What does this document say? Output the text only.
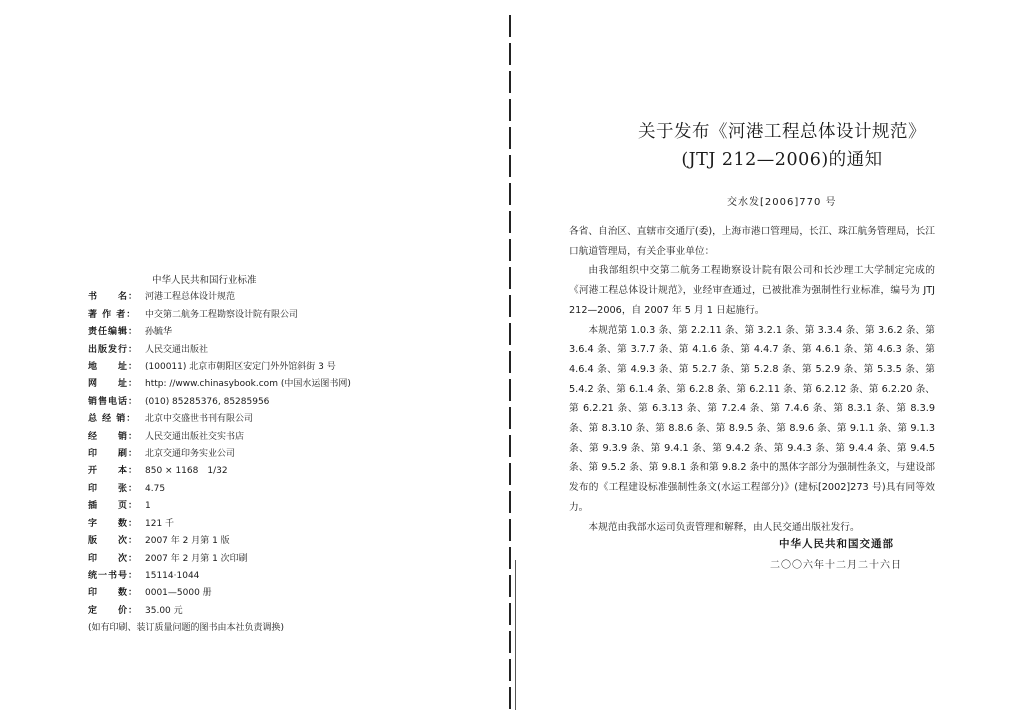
中华人民共和国行业标准
书　　名： 河港工程总体设计规范
著 作 者： 中交第二航务工程勘察设计院有限公司
责任编辑： 孙毓华
出版发行： 人民交通出版社
地　　址： (100011) 北京市朝阳区安定门外外馆斜街 3 号
网　　址： http: //www.chinasybook.com (中国水运图书网)
销售电话： (010) 85285376, 85285956
总 经 销： 北京中交盛世书刊有限公司
经　　销： 人民交通出版社交实书店
印　　刷： 北京交通印务实业公司
开　　本： 850 × 1168　1/32
印　　张： 4.75
插　　页： 1
字　　数： 121 千
版　　次： 2007 年 2 月第 1 版
印　　次： 2007 年 2 月第 1 次印刷
统一书号： 15114·1044
印　　数： 0001—5000 册
定　　价： 35.00 元
(如有印刷、装订质量问题的图书由本社负责调换)
关于发布《河港工程总体设计规范》
(JTJ 212—2006)的通知
交水发[2006]770 号

各省、自治区、直辖市交通厅(委)，上海市港口管理局，长江、珠江航务管理局，长江口航道管理局，有关企事业单位：

由我部组织中交第二航务工程勘察设计院有限公司和长沙理工大学制定完成的《河港工程总体设计规范》，业经审查通过，已被批准为强制性行业标准，编号为 JTJ 212—2006，自 2007 年 5 月 1 日起施行。

本规范第 1.0.3 条、第 2.2.11 条、第 3.2.1 条、第 3.3.4 条、第 3.6.2 条、第 3.6.4 条、第 3.7.7 条、第 4.1.6 条、第 4.4.7 条、第 4.6.1 条、第 4.6.3 条、第 4.6.4 条、第 4.9.3 条、第 5.2.7 条、第 5.2.8 条、第 5.2.9 条、第 5.3.5 条、第 5.4.2 条、第 6.1.4 条、第 6.2.8 条、第 6.2.11 条、第 6.2.12 条、第 6.2.20 条、第 6.2.21 条、第 6.3.13 条、第 7.2.4 条、第 7.4.6 条、第 8.3.1 条、第 8.3.9 条、第 8.3.10 条、第 8.8.6 条、第 8.9.5 条、第 8.9.6 条、第 9.1.1 条、第 9.1.3 条、第 9.3.9 条、第 9.4.1 条、第 9.4.2 条、第 9.4.3 条、第 9.4.4 条、第 9.4.5 条、第 9.5.2 条、第 9.8.1 条和第 9.8.2 条中的黑体字部分为强制性条文，与建设部发布的《工程建设标准强制性条文(水运工程部分)》(建标[2002]273 号)具有同等效力。

本规范由我部水运司负责管理和解释，由人民交通出版社发行。

中华人民共和国交通部
二〇〇六年十二月二十六日
